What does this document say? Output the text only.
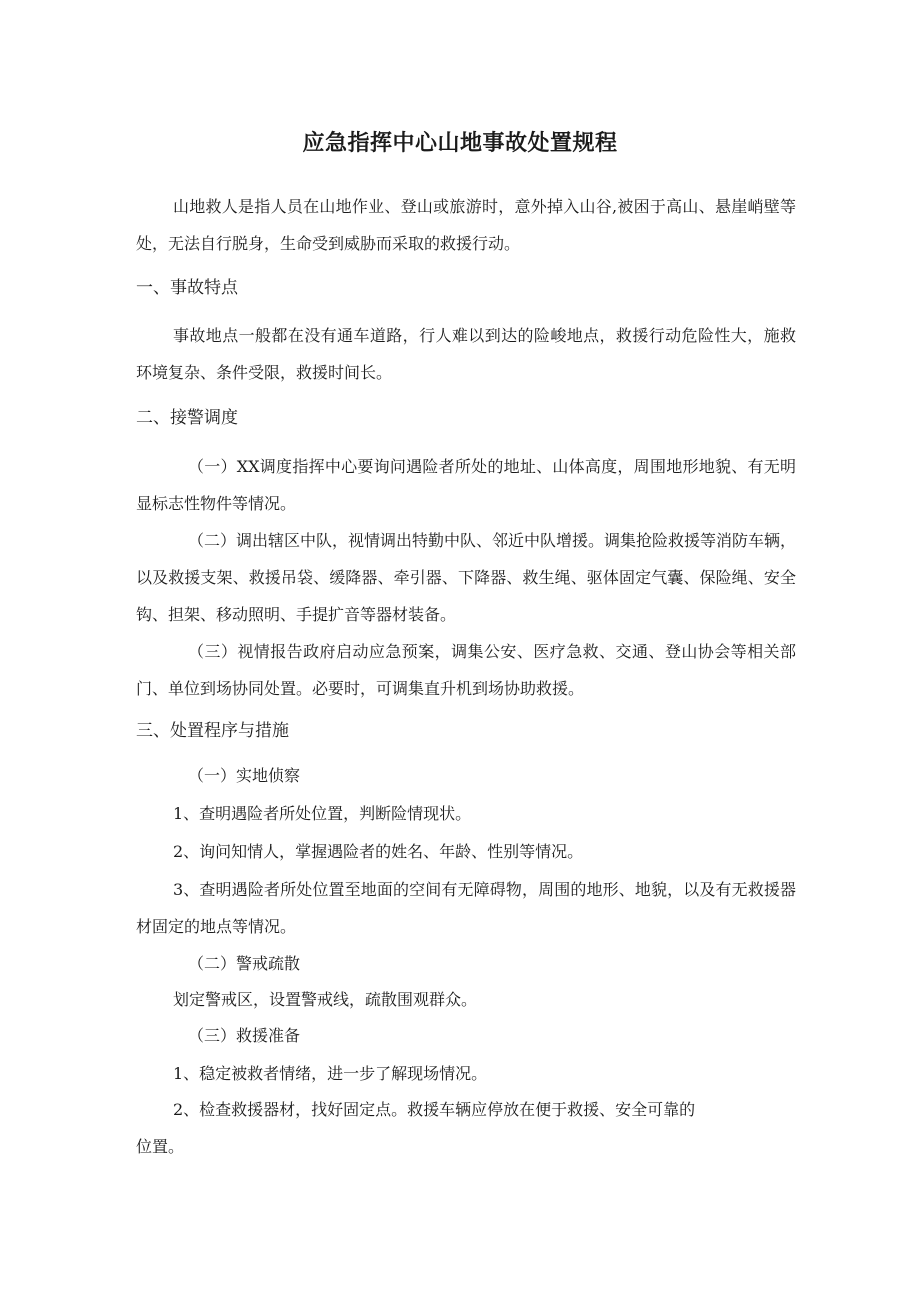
应急指挥中心山地事故处置规程

山地救人是指人员在山地作业、登山或旅游时，意外掉入山谷,被困于高山、悬崖峭壁等处，无法自行脱身，生命受到威胁而采取的救援行动。

一、事故特点

事故地点一般都在没有通车道路，行人难以到达的险峻地点，救援行动危险性大，施救环境复杂、条件受限，救援时间长。

二、接警调度

（一）XX调度指挥中心要询问遇险者所处的地址、山体高度，周围地形地貌、有无明显标志性物件等情况。

（二）调出辖区中队，视情调出特勤中队、邻近中队增援。调集抢险救援等消防车辆，以及救援支架、救援吊袋、缓降器、牵引器、下降器、救生绳、驱体固定气囊、保险绳、安全钩、担架、移动照明、手提扩音等器材装备。

（三）视情报告政府启动应急预案，调集公安、医疗急救、交通、登山协会等相关部门、单位到场协同处置。必要时，可调集直升机到场协助救援。

三、处置程序与措施

（一）实地侦察

1、查明遇险者所处位置，判断险情现状。

2、询问知情人，掌握遇险者的姓名、年龄、性别等情况。

3、查明遇险者所处位置至地面的空间有无障碍物，周围的地形、地貌，以及有无救援器材固定的地点等情况。

（二）警戒疏散

划定警戒区，设置警戒线，疏散围观群众。

（三）救援准备

1、稳定被救者情绪，进一步了解现场情况。

2、检查救援器材，找好固定点。救援车辆应停放在便于救援、安全可靠的

位置。
